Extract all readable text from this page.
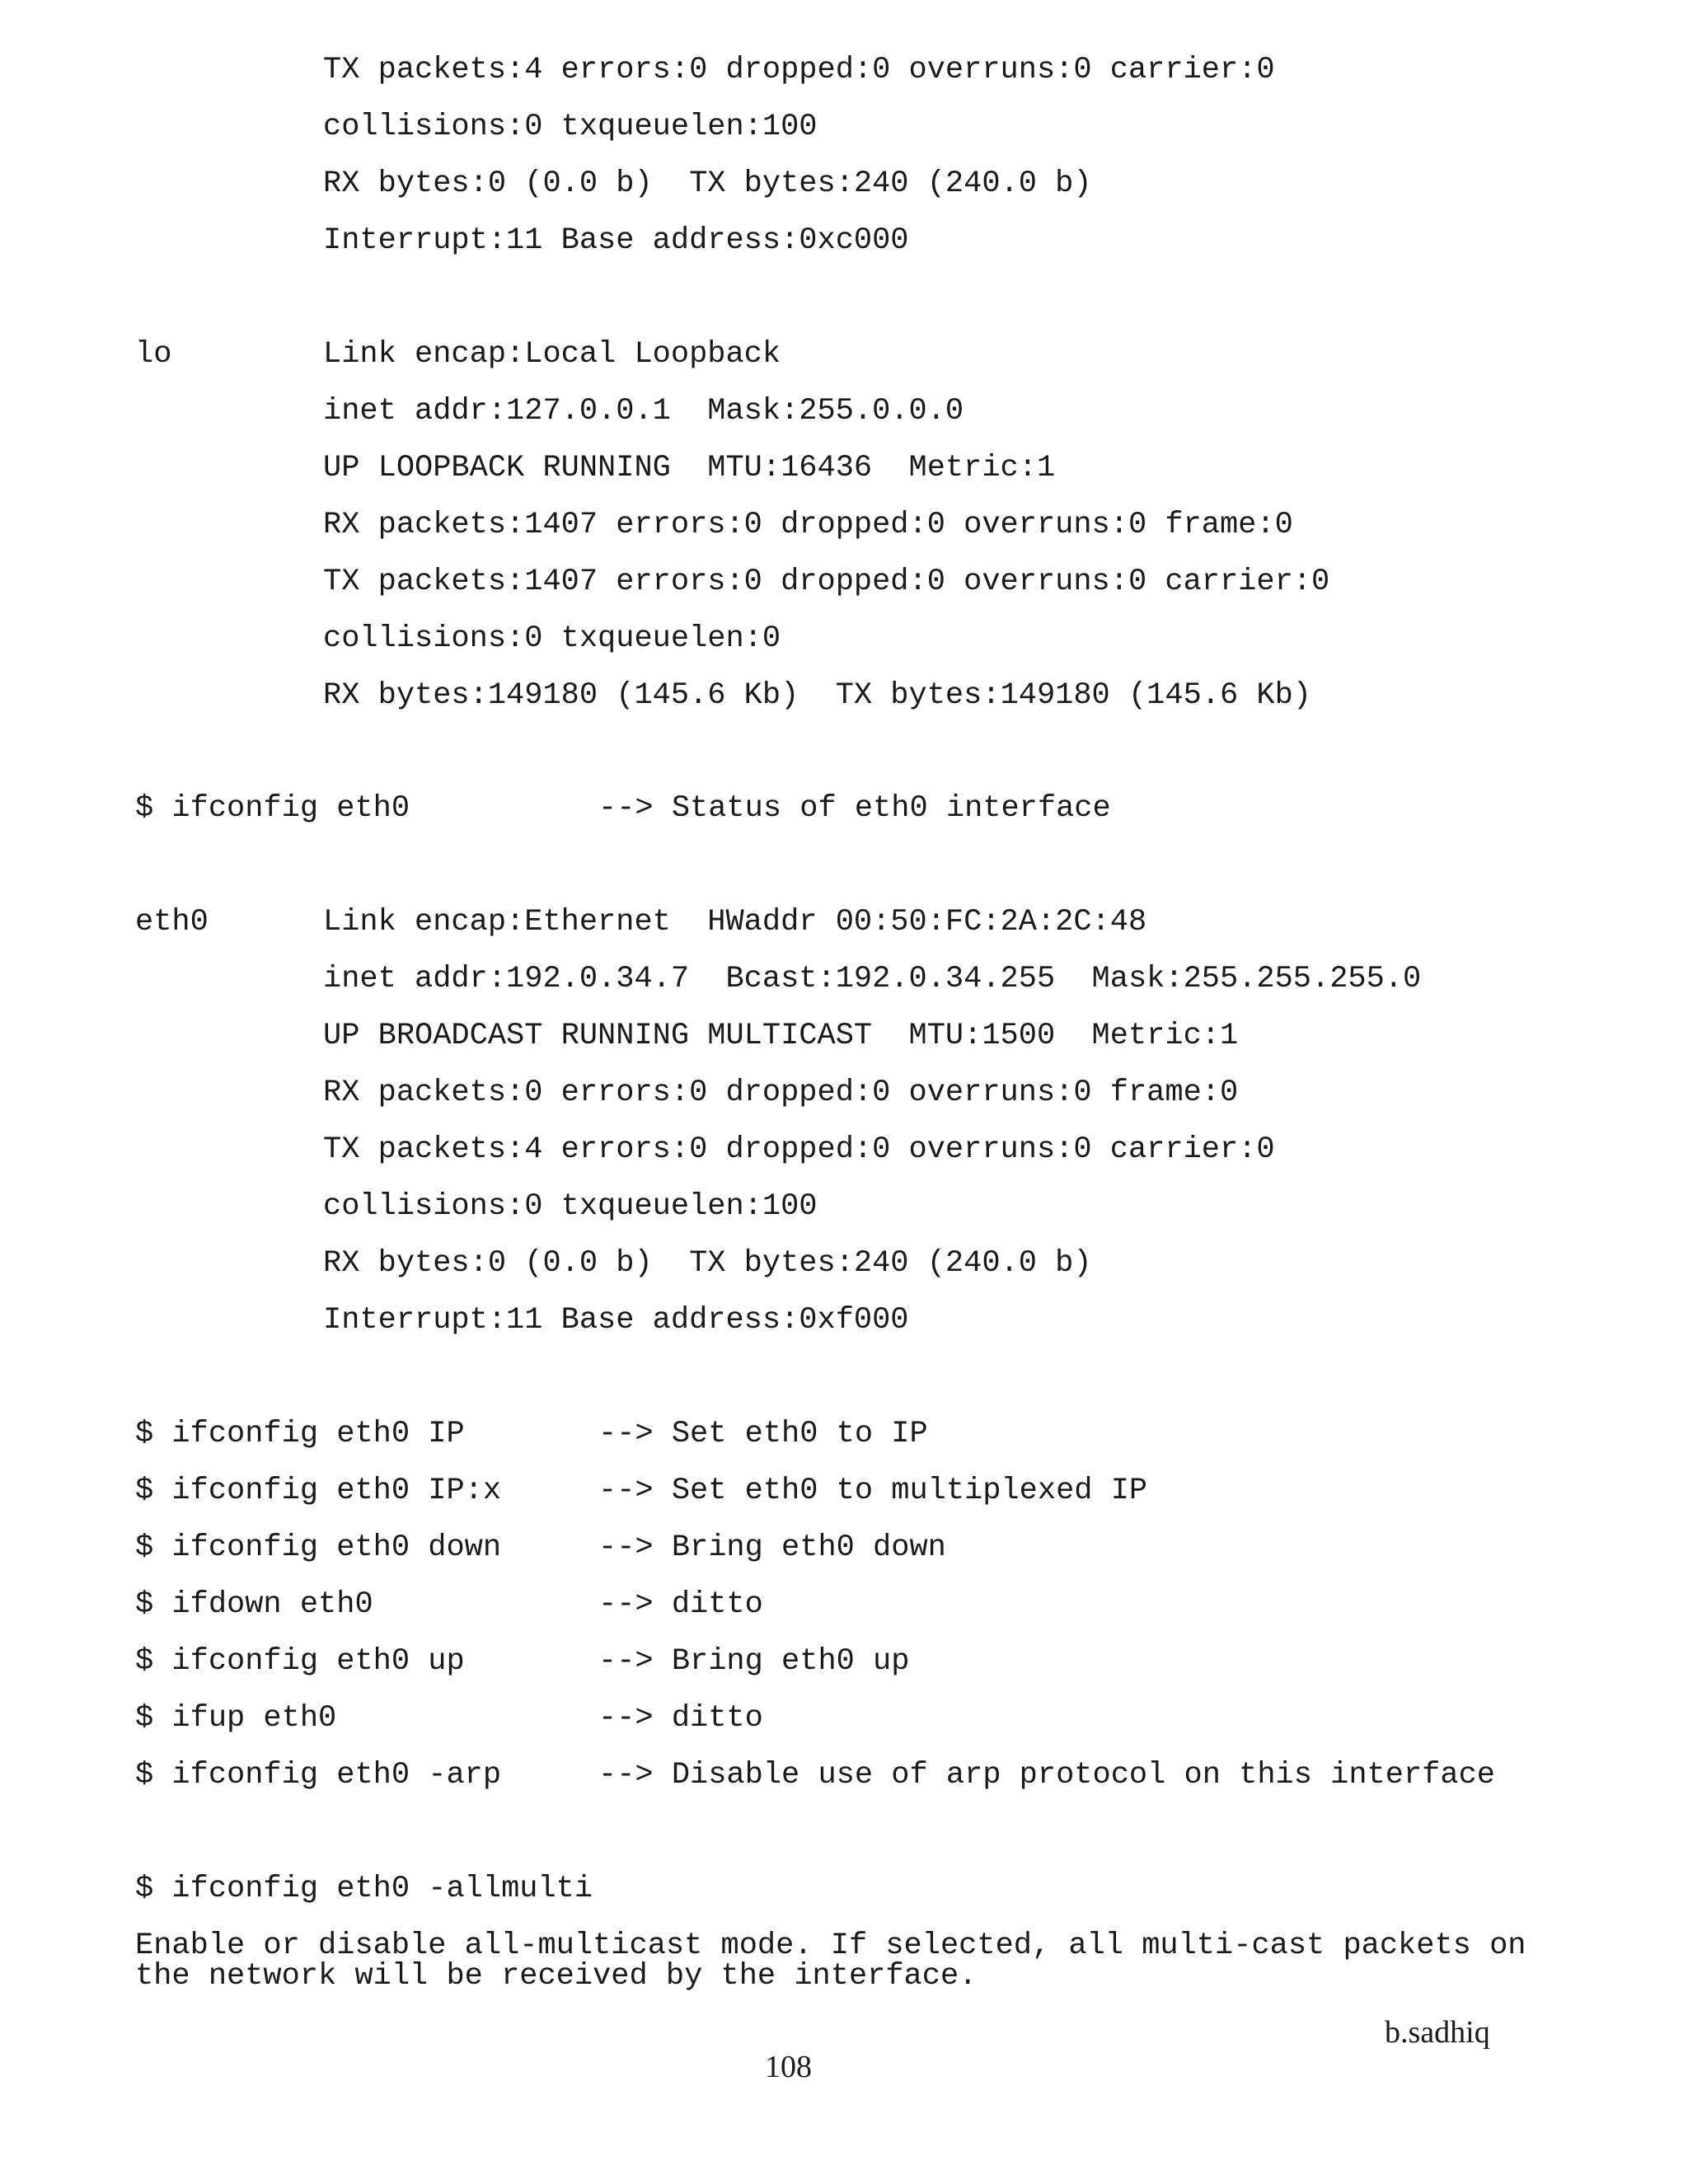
TX packets:4 errors:0 dropped:0 overruns:0 carrier:0
collisions:0 txqueuelen:100
RX bytes:0 (0.0 b)  TX bytes:240 (240.0 b)
Interrupt:11 Base address:0xc000
lo	Link encap:Local Loopback
inet addr:127.0.0.1  Mask:255.0.0.0
UP LOOPBACK RUNNING  MTU:16436  Metric:1
RX packets:1407 errors:0 dropped:0 overruns:0 frame:0
TX packets:1407 errors:0 dropped:0 overruns:0 carrier:0
collisions:0 txqueuelen:0
RX bytes:149180 (145.6 Kb)  TX bytes:149180 (145.6 Kb)
$ ifconfig eth0	--> Status of eth0 interface
eth0	Link encap:Ethernet  HWaddr 00:50:FC:2A:2C:48
inet addr:192.0.34.7  Bcast:192.0.34.255  Mask:255.255.255.0
UP BROADCAST RUNNING MULTICAST  MTU:1500  Metric:1
RX packets:0 errors:0 dropped:0 overruns:0 frame:0
TX packets:4 errors:0 dropped:0 overruns:0 carrier:0
collisions:0 txqueuelen:100
RX bytes:0 (0.0 b)  TX bytes:240 (240.0 b)
Interrupt:11 Base address:0xf000
$ ifconfig eth0 IP	--> Set eth0 to IP
$ ifconfig eth0 IP:x	--> Set eth0 to multiplexed IP
$ ifconfig eth0 down	--> Bring eth0 down
$ ifdown eth0	--> ditto
$ ifconfig eth0 up	--> Bring eth0 up
$ ifup eth0	--> ditto
$ ifconfig eth0 -arp	--> Disable use of arp protocol on this interface
$ ifconfig eth0 -allmulti
Enable or disable all-multicast mode. If selected, all multi-cast packets on the network will be received by the interface.
b.sadhiq
108
